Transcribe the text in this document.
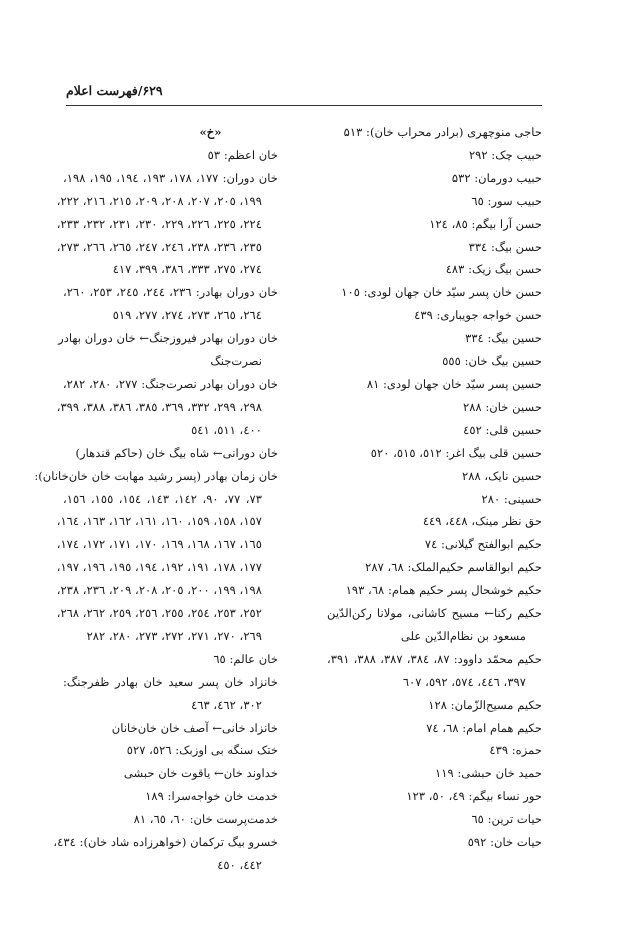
۶۲۹/فهرست اعلام
حاجی منوچهری (برادر محراب خان): ۵۱۳
حبیب چک: ۲۹۲
حبیب دورمان: ۵۳۲
حبیب سور: ٦٥
حسن آرا بیگم: ۸٥، ۱۲٤
حسن بیگ: ۳۳٤
حسن بیگ زیک: ٤٨٣
حسن خان پسر سیّد خان جهان لودی: ۱۰٥
حسن خواجه جویباری: ٤٣٩
حسین بیگ: ۳۳٤
حسین بیگ خان: ٥٥٥
حسین پسر سیّد خان جهان لودی: ۸۱
حسین خان: ۲۸۸
حسین قلی: ٤٥٢
حسین قلی بیگ اغر: ٥١٢، ٥١٥، ٥٢٠
حسین نایک، ۲۸۸
حسینی: ۲۸۰
حق نظر مینک، ٤٤٨، ٤٤٩
حکیم ابوالفتح گیلانی: ٧٤
حکیم ابوالقاسم حکیم‌الملک: ٦٨، ۲۸۷
حکیم خوشحال پسر حکیم همام: ٦٨، ۱۹۳
حکیم رکنا← مسیح کاشانی، مولانا رکن‌الدّین
مسعود بن نظام‌الدّین علی
حکیم محمّد داوود: ۸٧، ٣٨٤، ٣٨٧، ٣٨٨، ٣٩١،
٣٩٧، ٤٤٦، ٥٧٤، ٥٩٢، ٦٠٧
حکیم مسیح‌الزّمان: ۱۲۸
حکیم همام امام: ٦٨، ٧٤
حمزه: ٤٣٩
حمید خان حبشی: ۱۱۹
حور نساء بیگم: ٤٩، ٥٠، ۱۲۳
حیات ترین: ٦٥
حیات خان: ٥٩٢
«خ»
خان اعظم: ٥٣
خان دوران: ۱۷۷، ۱۷۸، ۱۹۳، ۱۹٤، ۱۹٥، ۱۹۸،
۱۹۹، ۲۰٥، ۲۰۷، ۲۰۸، ۲۰۹، ۲۱٥، ۲۱٦، ۲۲۲،
۲۲٤، ۲۲٥، ۲۲٦، ۲۲۹، ۲۳۰، ۲۳۱، ۲۳۲، ۲۳۳،
۲۳٥، ۲۳٦، ۲۳۸، ۲٤٦، ۲٤۷، ۲٦٥، ۲٦٦، ۲۷۳،
۲۷٤، ۲۷٥، ۳۳۳، ۳۸٦، ۳۹۹، ٤۱۷
خان دوران بهادر: ۲۳٦، ۲٤٤، ۲٤٥، ۲٥۳، ۲٦۰،
۲٦٤، ۲٦٥، ۲۷۳، ۲۷٤، ۲۷۷، ٥۱۹
خان دوران بهادر فیروزجنگ← خان دوران بهادر
نصرت‌جنگ
خان دوران بهادر نصرت‌جنگ: ۲۷۷، ۲۸۰، ۲۸۲،
۲۹۸، ۲۹۹، ۳۳۲، ۳٦۹، ۳۸٥، ۳۸٦، ۳۸۸، ۳۹۹،
٤۰۰، ٥۱۱، ٥٤۱
خان دورانی← شاه بیگ خان (حاکم قندهار)
خان زمان بهادر (پسر رشید مهابت خان خان‌خانان):
۷۳، ۷۷، ۹۰، ۱٤۲، ۱٤۳، ۱٥٤، ۱٥٥، ۱٥٦،
۱٥۷، ۱٥۸، ۱٥۹، ۱٦۰، ۱٦۱، ۱٦۲، ۱٦۳، ۱٦٤،
۱٦٥، ۱٦۷، ۱٦۸، ۱٦۹، ۱۷۰، ۱۷۱، ۱۷۲، ۱۷٤،
۱۷۷، ۱۷۸، ۱۹۱، ۱۹۲، ۱۹٤، ۱۹٥، ۱۹٦، ۱۹۷،
۱۹۸، ۱۹۹، ۲۰۰، ۲۰٥، ۲۰۸، ۲۰۹، ۲۳٦، ۲۳۸،
۲٥۲، ۲٥۳، ۲٥٤، ۲٥٥، ۲٥٦، ۲٥۹، ۲٦۲، ۲٦۸،
۲٦۹، ۲۷۰، ۲۷۱، ۲۷۲، ۲۷۳، ۲۸۰، ۲۸۲
خان عالم: ٦٥
خانزاد خان پسر سعید خان بهادر ظفرجنگ:
۳۰۲، ٤٦۲، ٤٦۳
خانزاد خانی← آصف خان خان‌خانان
ختک سنگه بی اوزبک: ٥۲٦، ٥۲۷
خداوند خان← یاقوت خان حبشی
خدمت خان خواجه‌سرا: ۱۸۹
خدمت‌پرست خان: ٦۰، ٦٥، ۸۱
خسرو بیگ ترکمان (خواهرزاده شاد خان): ٤۳٤،
٤٤۲، ٤٥۰
